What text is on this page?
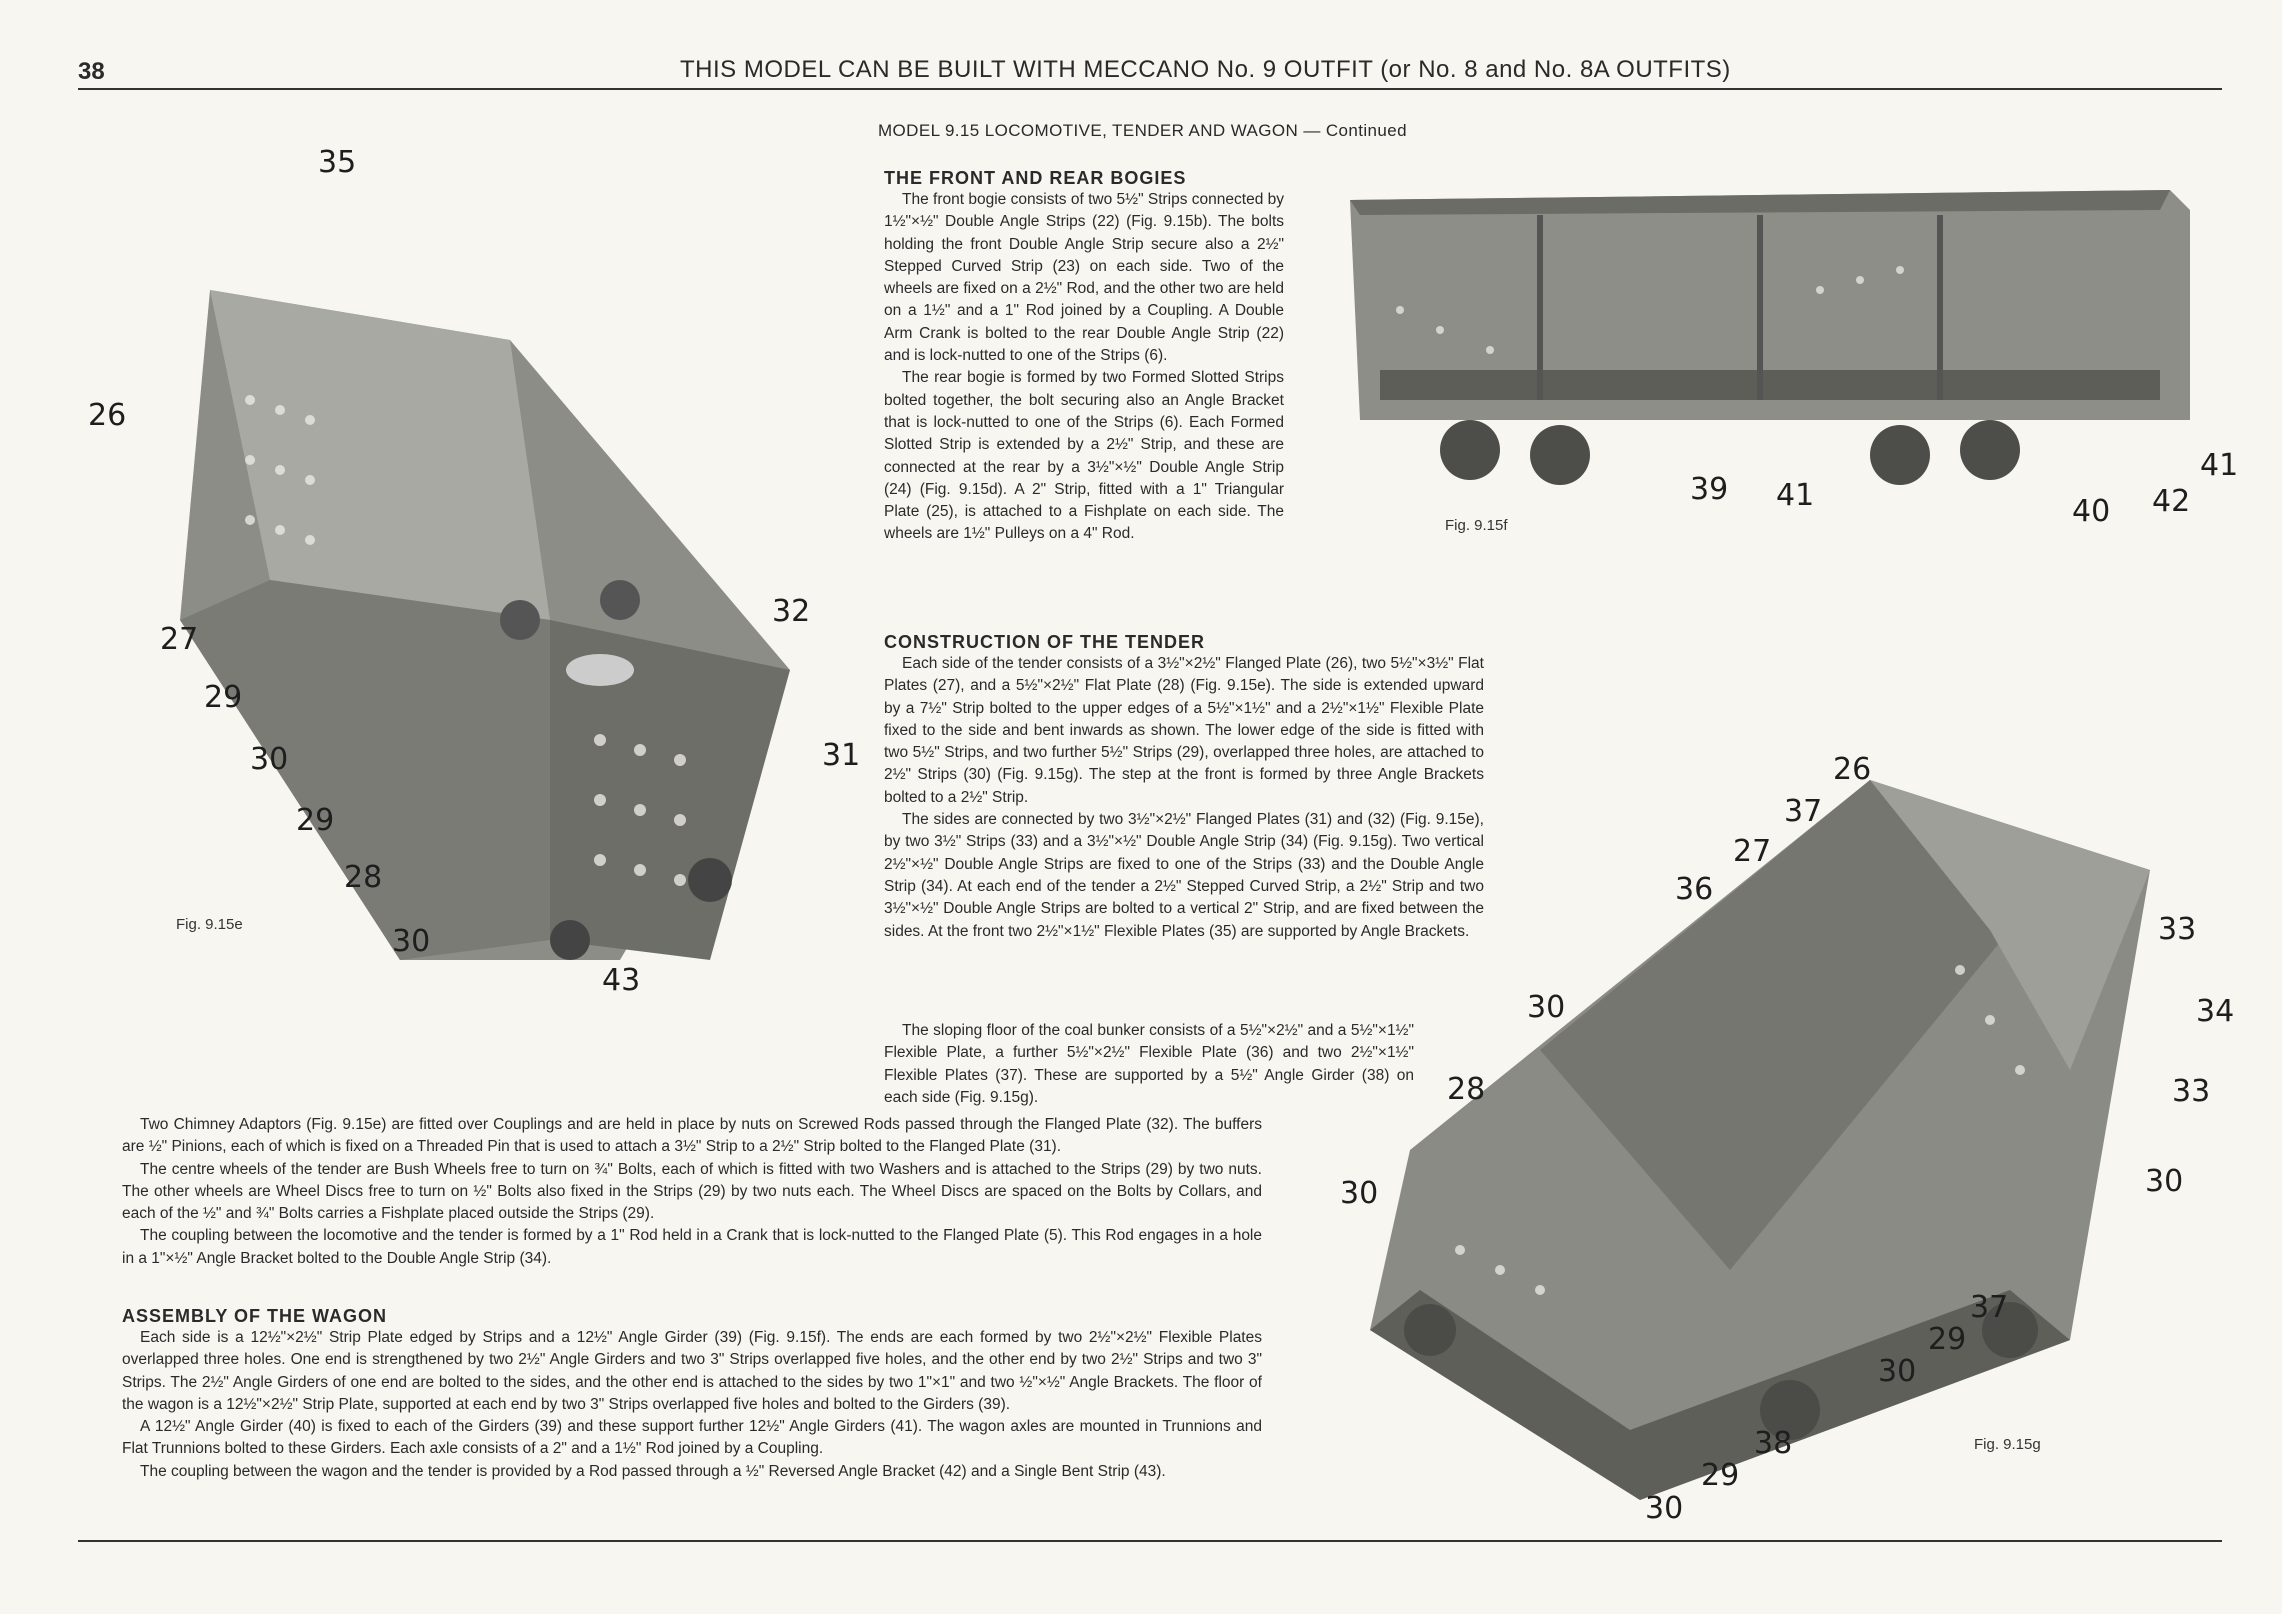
38	THIS MODEL CAN BE BUILT WITH MECCANO No. 9 OUTFIT (or No. 8 and No. 8A OUTFITS)
MODEL 9.15 LOCOMOTIVE, TENDER AND WAGON — Continued
35
26
27
29
30
29
28
30
43
32
31
Fig. 9.15e
THE FRONT AND REAR BOGIES

The front bogie consists of two 5½" Strips connected by 1½"×½" Double Angle Strips (22) (Fig. 9.15b). The bolts holding the front Double Angle Strip secure also a 2½" Stepped Curved Strip (23) on each side. Two of the wheels are fixed on a 2½" Rod, and the other two are held on a 1½" and a 1" Rod joined by a Coupling. A Double Arm Crank is bolted to the rear Double Angle Strip (22) and is lock-nutted to one of the Strips (6).

The rear bogie is formed by two Formed Slotted Strips bolted together, the bolt securing also an Angle Bracket that is lock-nutted to one of the Strips (6). Each Formed Slotted Strip is extended by a 2½" Strip, and these are connected at the rear by a 3½"×½" Double Angle Strip (24) (Fig. 9.15d). A 2" Strip, fitted with a 1" Triangular Plate (25), is attached to a Fishplate on each side. The wheels are 1½" Pulleys on a 4" Rod.

39 41	40 42
41
Fig. 9.15f
CONSTRUCTION OF THE TENDER

Each side of the tender consists of a 3½"×2½" Flanged Plate (26), two 5½"×3½" Flat Plates (27), and a 5½"×2½" Flat Plate (28) (Fig. 9.15e). The side is extended upward by a 7½" Strip bolted to the upper edges of a 5½"×1½" and a 2½"×1½" Flexible Plate fixed to the side and bent inwards as shown. The lower edge of the side is fitted with two 5½" Strips, and two further 5½" Strips (29), overlapped three holes, are attached to 2½" Strips (30) (Fig. 9.15g). The step at the front is formed by three Angle Brackets bolted to a 2½" Strip.

The sides are connected by two 3½"×2½" Flanged Plates (31) and (32) (Fig. 9.15e), by two 3½" Strips (33) and a 3½"×½" Double Angle Strip (34) (Fig. 9.15g). Two vertical 2½"×½" Double Angle Strips are fixed to one of the Strips (33) and the Double Angle Strip (34). At each end of the tender a 2½" Stepped Curved Strip, a 2½" Strip and two 3½"×½" Double Angle Strips are bolted to a vertical 2" Strip, and are fixed between the sides. At the front two 2½"×1½" Flexible Plates (35) are supported by Angle Brackets.

The sloping floor of the coal bunker consists of a 5½"×2½" and a 5½"×1½" Flexible Plate, a further 5½"×2½" Flexible Plate (36) and two 2½"×1½" Flexible Plates (37). These are supported by a 5½" Angle Girder (38) on each side (Fig. 9.15g).

Two Chimney Adaptors (Fig. 9.15e) are fitted over Couplings and are held in place by nuts on Screwed Rods passed through the Flanged Plate (32). The buffers are ½" Pinions, each of which is fixed on a Threaded Pin that is used to attach a 3½" Strip to a 2½" Strip bolted to the Flanged Plate (31).

The centre wheels of the tender are Bush Wheels free to turn on ¾" Bolts, each of which is fitted with two Washers and is attached to the Strips (29) by two nuts. The other wheels are Wheel Discs free to turn on ½" Bolts also fixed in the Strips (29) by two nuts each. The Wheel Discs are spaced on the Bolts by Collars, and each of the ½" and ¾" Bolts carries a Fishplate placed outside the Strips (29).

The coupling between the locomotive and the tender is formed by a 1" Rod held in a Crank that is lock-nutted to the Flanged Plate (5). This Rod engages in a hole in a 1"×½" Angle Bracket bolted to the Double Angle Strip (34).

ASSEMBLY OF THE WAGON

Each side is a 12½"×2½" Strip Plate edged by Strips and a 12½" Angle Girder (39) (Fig. 9.15f). The ends are each formed by two 2½"×2½" Flexible Plates overlapped three holes. One end is strengthened by two 2½" Angle Girders and two 3" Strips overlapped five holes, and the other end by two 2½" Strips and two 3" Strips. The 2½" Angle Girders of one end are bolted to the sides, and the other end is attached to the sides by two 1"×1" and two ½"×½" Angle Brackets. The floor of the wagon is a 12½"×2½" Strip Plate, supported at each end by two 3" Strips overlapped five holes and bolted to the Girders (39).

A 12½" Angle Girder (40) is fixed to each of the Girders (39) and these support further 12½" Angle Girders (41). The wagon axles are mounted in Trunnions and Flat Trunnions bolted to these Girders. Each axle consists of a 2" and a 1½" Rod joined by a Coupling.

The coupling between the wagon and the tender is provided by a Rod passed through a ½" Reversed Angle Bracket (42) and a Single Bent Strip (43).

26
37
27
36
33
30	34
28	33
30	30
37
29
30
38
29
30
Fig. 9.15g
